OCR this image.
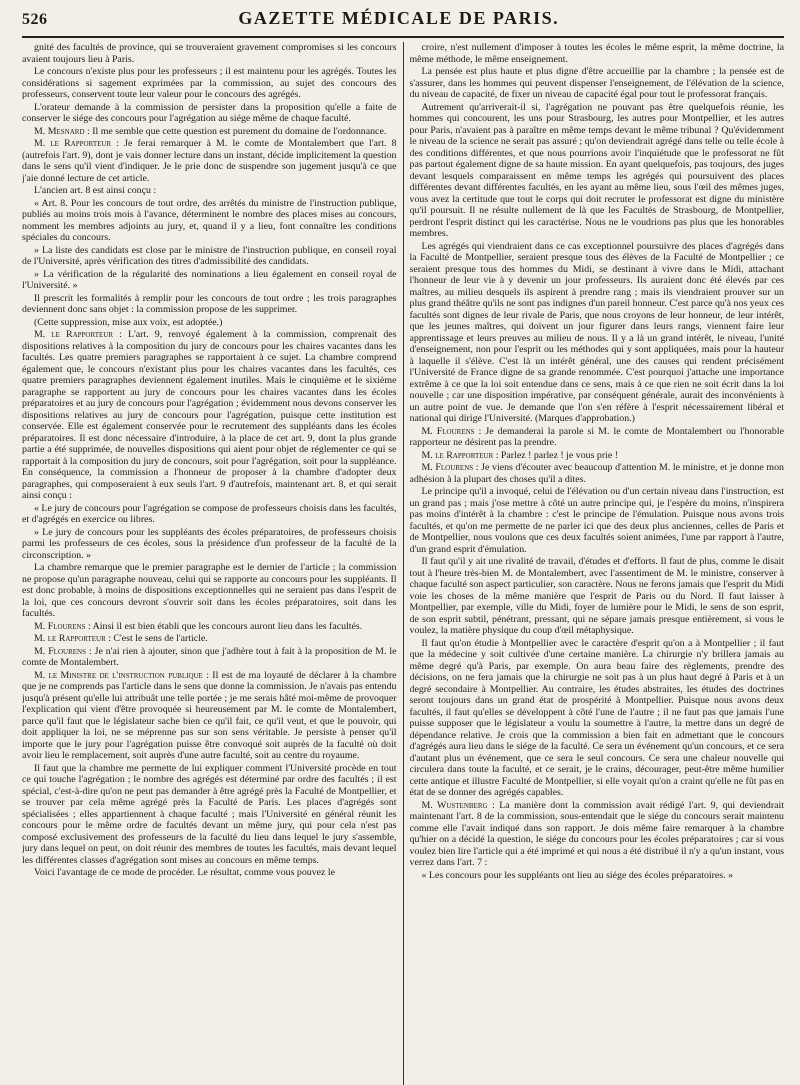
526	GAZETTE MÉDICALE DE PARIS.

gnité des facultés de province, qui se trouveraient gravement compromises si les concours avaient toujours lieu à Paris.

Le concours n'existe plus pour les professeurs ; il est maintenu pour les agrégés. Toutes les considérations si sagement exprimées par la commission, au sujet des concours des professeurs, conservent toute leur valeur pour le concours des agrégés.

L'orateur demande à la commission de persister dans la proposition qu'elle a faite de conserver le siége des concours pour l'agrégation au siége même de chaque faculté.

M. Mesnard : Il me semble que cette question est purement du domaine de l'ordonnance.

M. le Rapporteur : Je ferai remarquer à M. le comte de Montalembert que l'art. 8 (autrefois l'art. 9), dont je vais donner lecture dans un instant, décide implicitement la question dans le sens qu'il vient d'indiquer. Je le prie donc de suspendre son jugement jusqu'à ce que j'aie donné lecture de cet article.

L'ancien art. 8 est ainsi conçu :

« Art. 8. Pour les concours de tout ordre, des arrêtés du ministre de l'instruction publique, publiés au moins trois mois à l'avance, déterminent le nombre des places mises au concours, nomment les membres adjoints au jury, et, quand il y a lieu, font connaître les conditions spéciales du concours.

» La liste des candidats est close par le ministre de l'instruction publique, en conseil royal de l'Université, après vérification des titres d'admissibilité des candidats.

» La vérification de la régularité des nominations a lieu également en conseil royal de l'Université. »

Il prescrit les formalités à remplir pour les concours de tout ordre ; les trois paragraphes deviennent donc sans objet : la commission propose de les supprimer.

(Cette suppression, mise aux voix, est adoptée.)

M. le Rapporteur : L'art. 9, renvoyé également à la commission, comprenait des dispositions relatives à la composition du jury de concours pour les chaires vacantes dans les facultés. Les quatre premiers paragraphes se rapportaient à ce sujet. La chambre comprend également que, le concours n'existant plus pour les chaires vacantes dans les facultés, ces quatre premiers paragraphes deviennent également inutiles. Mais le cinquième et le sixième paragraphe se rapportent au jury de concours pour les chaires vacantes dans les écoles préparatoires et au jury de concours pour l'agrégation ; évidemment nous devons conserver les dispositions relatives au jury de concours pour l'agrégation, puisque cette institution est conservée. Elle est également conservée pour le recrutement des suppléants dans les écoles préparatoires. Il est donc nécessaire d'introduire, à la place de cet art. 9, dont la plus grande partie a été supprimée, de nouvelles dispositions qui aient pour objet de réglementer ce qui se rapportait à la composition du jury de concours, soit pour l'agrégation, soit pour la suppléance. En conséquence, la commission a l'honneur de proposer à la chambre d'adopter deux paragraphes, qui composeraient à eux seuls l'art. 9 d'autrefois, maintenant art. 8, et qui serait ainsi conçu :

« Le jury de concours pour l'agrégation se compose de professeurs choisis dans les facultés, et d'agrégés en exercice ou libres.

» Le jury de concours pour les suppléants des écoles préparatoires, de professeurs choisis parmi les professeurs de ces écoles, sous la présidence d'un professeur de la faculté de la circonscription. »

La chambre remarque que le premier paragraphe est le dernier de l'article ; la commission ne propose qu'un paragraphe nouveau, celui qui se rapporte au concours pour les suppléants. Il est donc probable, à moins de dispositions exceptionnelles qui ne seraient pas dans l'esprit de la loi, que ces concours devront s'ouvrir soit dans les écoles préparatoires, soit dans les facultés.

M. Flourens : Ainsi il est bien établi que les concours auront lieu dans les facultés.

M. le Rapporteur : C'est le sens de l'article.

M. Flourens : Je n'ai rien à ajouter, sinon que j'adhère tout à fait à la proposition de M. le comte de Montalembert.

M. le Ministre de l'instruction publique : Il est de ma loyauté de déclarer à la chambre que je ne comprends pas l'article dans le sens que donne la commission. Je n'avais pas entendu jusqu'à présent qu'elle lui attribuât une telle portée ; je me serais hâté moi-même de provoquer l'explication qui vient d'être provoquée si heureusement par M. le comte de Montalembert, parce qu'il faut que le législateur sache bien ce qu'il fait, ce qu'il veut, et que le pouvoir, qui doit appliquer la loi, ne se méprenne pas sur son sens véritable. Je persiste à penser qu'il importe que le jury pour l'agrégation puisse être convoqué soit auprès de la faculté où doit avoir lieu le remplacement, soit auprès d'une autre faculté, soit au centre du royaume.

Il faut que la chambre me permette de lui expliquer comment l'Université procède en tout ce qui touche l'agrégation ; le nombre des agrégés est déterminé par ordre des facultés ; il est spécial, c'est-à-dire qu'on ne peut pas demander à être agrégé près la Faculté de Montpellier, et se trouver par cela même agrégé près la Faculté de Paris. Les places d'agrégés sont spécialisées ; elles appartiennent à chaque faculté ; mais l'Université en général réunit les concours pour le même ordre de facultés devant un même jury, qui pour cela n'est pas composé exclusivement des professeurs de la faculté du lieu dans lequel le jury s'assemble, jury dans lequel on peut, on doit réunir des membres de toutes les facultés, mais devant lequel les différentes classes d'agrégation sont mises au concours en même temps.

Voici l'avantage de ce mode de procéder. Le résultat, comme vous pouvez le

croire, n'est nullement d'imposer à toutes les écoles le même esprit, la même doctrine, la même méthode, le même enseignement.

La pensée est plus haute et plus digne d'être accueillie par la chambre ; la pensée est de s'assurer, dans les hommes qui peuvent dispenser l'enseignement, de l'élévation de la science, du niveau de capacité, de fixer un niveau de capacité égal pour tout le professorat français.

Autrement qu'arriverait-il si, l'agrégation ne pouvant pas être quelquefois réunie, les hommes qui concourent, les uns pour Strasbourg, les autres pour Montpellier, et les autres pour Paris, n'avaient pas à paraître en même temps devant le même tribunal ? Qu'évidemment le niveau de la science ne serait pas assuré ; qu'on deviendrait agrégé dans telle ou telle école à des conditions différentes, et que nous pourrions avoir l'inquiétude que le professorat ne fût pas partout également digne de sa haute mission. En ayant quelquefois, pas toujours, des juges devant lesquels comparaissent en même temps les agrégés qui poursuivent des places différentes devant différentes facultés, en les ayant au même lieu, sous l'œil des mêmes juges, vous avez la certitude que tout le corps qui doit recruter le professorat est digne du ministère qu'il poursuit. Il ne résulte nullement de là que les Facultés de Strasbourg, de Montpellier, perdront l'esprit distinct qui les caractérise. Nous ne le voudrions pas plus que les honorables membres.

Les agrégés qui viendraient dans ce cas exceptionnel poursuivre des places d'agrégés dans la Faculté de Montpellier, seraient presque tous des élèves de la Faculté de Montpellier ; ce seraient presque tous des hommes du Midi, se destinant à vivre dans le Midi, attachant l'honneur de leur vie à y devenir un jour professeurs. Ils auraient donc été élevés par ces maîtres, au milieu desquels ils aspirent à prendre rang ; mais ils viendraient prouver sur un plus grand théâtre qu'ils ne sont pas indignes d'un pareil honneur. C'est parce qu'à nos yeux ces facultés sont dignes de leur rivale de Paris, que nous croyons de leur honneur, de leur intérêt, que les jeunes maîtres, qui doivent un jour figurer dans leurs rangs, viennent faire leur apprentissage et leurs preuves au milieu de nous. Il y a là un grand intérêt, le niveau, l'unité d'enseignement, non pour l'esprit ou les méthodes qui y sont appliquées, mais pour la hauteur à laquelle il s'élève. C'est là un intérêt général, une des causes qui rendent précisément l'Université de France digne de sa grande renommée. C'est pourquoi j'attache une importance extrême à ce que la loi soit entendue dans ce sens, mais à ce que rien ne soit écrit dans la loi nouvelle ; car une disposition impérative, par conséquent générale, aurait des inconvénients à un autre point de vue. Je demande que l'on s'en réfère à l'esprit nécessairement libéral et national qui dirige l'Université. (Marques d'approbation.)

M. Flourens : Je demanderai la parole si M. le comte de Montalembert ou l'honorable rapporteur ne désirent pas la prendre.

M. le Rapporteur : Parlez ! parlez ! je vous prie !

M. Flourens : Je viens d'écouter avec beaucoup d'attention M. le ministre, et je donne mon adhésion à la plupart des choses qu'il a dites.

Le principe qu'il a invoqué, celui de l'élévation ou d'un certain niveau dans l'instruction, est un grand pas ; mais j'ose mettre à côté un autre principe qui, je l'espère du moins, n'inspirera pas moins d'intérêt à la chambre : c'est le principe de l'émulation. Puisque nous avons trois facultés, et qu'on me permette de ne parler ici que des deux plus anciennes, celles de Paris et de Montpellier, nous voulons que ces deux facultés soient animées, l'une par rapport à l'autre, d'un grand esprit d'émulation.

Il faut qu'il y ait une rivalité de travail, d'études et d'efforts. Il faut de plus, comme le disait tout à l'heure très-bien M. de Montalembert, avec l'assentiment de M. le ministre, conserver à chaque faculté son aspect particulier, son caractère. Nous ne ferons jamais que l'esprit du Midi voie les choses de la même manière que l'esprit de Paris ou du Nord. Il faut laisser à Montpellier, par exemple, ville du Midi, foyer de lumière pour le Midi, le sens de son esprit, de son esprit subtil, pénétrant, pressant, qui ne sépare jamais presque entièrement, si vous le voulez, la matière physique du coup d'œil métaphysique.

Il faut qu'on étudie à Montpellier avec le caractère d'esprit qu'on a à Montpellier ; il faut que la médecine y soit cultivée d'une certaine manière. La chirurgie n'y brillera jamais au même degré qu'à Paris, par exemple. On aura beau faire des règlements, prendre des décisions, on ne fera jamais que la chirurgie ne soit pas à un plus haut degré à Paris et à un degré secondaire à Montpellier. Au contraire, les études abstraites, les études des doctrines seront toujours dans un grand état de prospérité à Montpellier. Puisque nous avons deux facultés, il faut qu'elles se développent à côté l'une de l'autre ; il ne faut pas que jamais l'une puisse supposer que le législateur a voulu la soumettre à l'autre, la mettre dans un degré de dépendance relative. Je crois que la commission a bien fait en admettant que le concours d'agrégés aura lieu dans le siége de la faculté. Ce sera un événement qu'un concours, et ce sera d'autant plus un événement, que ce sera le seul concours. Ce sera une chaleur nouvelle qui circulera dans toute la faculté, et ce serait, je le crains, décourager, peut-être même humilier cette antique et illustre Faculté de Montpellier, si elle voyait qu'on a craint qu'elle ne fût pas en état de se donner des agrégés capables.

M. Wustenberg : La manière dont la commission avait rédigé l'art. 9, qui deviendrait maintenant l'art. 8 de la commission, sous-entendait que le siége du concours serait maintenu comme elle l'avait indiqué dans son rapport. Je dois même faire remarquer à la chambre qu'hier on a décidé la question, le siége du concours pour les écoles préparatoires ; car si vous voulez bien lire l'article qui a été imprimé et qui nous a été distribué il n'y a qu'un instant, vous verrez dans l'art. 7 :

« Les concours pour les suppléants ont lieu au siége des écoles préparatoires. »
